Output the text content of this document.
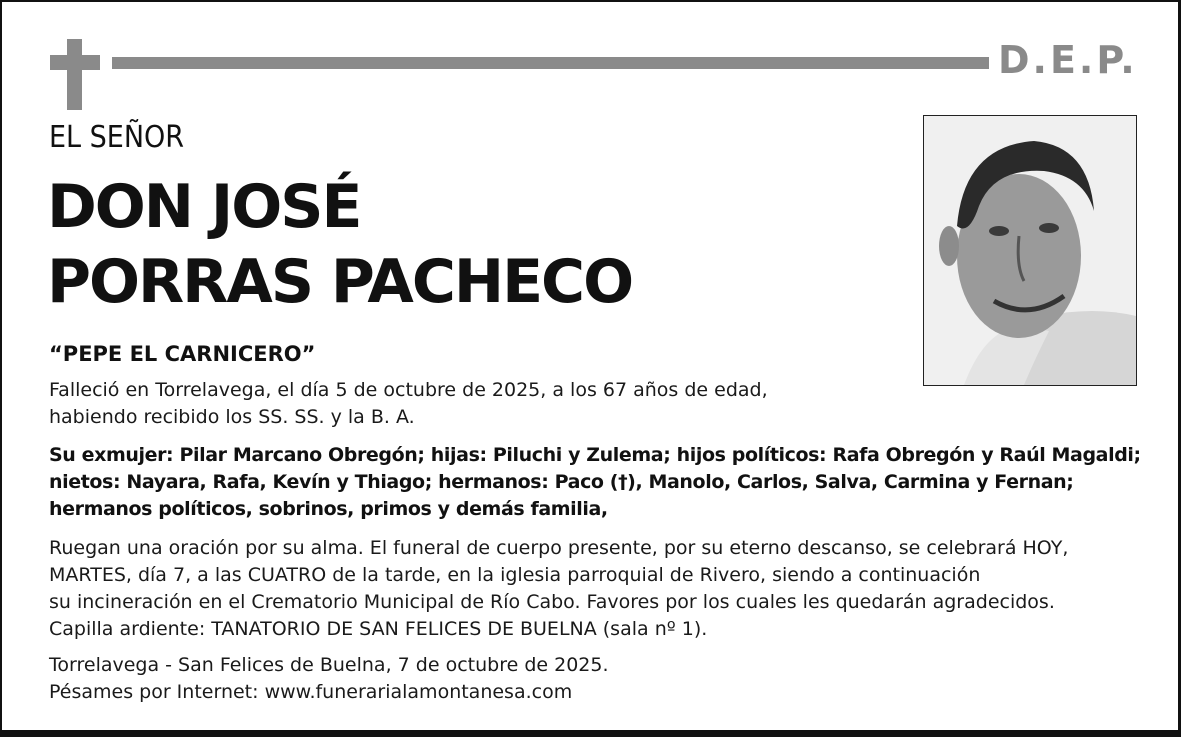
D.E.P.
EL SEÑOR
DON JOSÉ
PORRAS PACHECO
“PEPE EL CARNICERO”
Falleció en Torrelavega, el día 5 de octubre de 2025, a los 67 años de edad,
habiendo recibido los SS. SS. y la B. A.
Su exmujer: Pilar Marcano Obregón; hijas: Piluchi y Zulema; hijos políticos: Rafa Obregón y Raúl Magaldi;
nietos: Nayara, Rafa, Kevín y Thiago; hermanos: Paco (†), Manolo, Carlos, Salva, Carmina y Fernan;
hermanos políticos, sobrinos, primos y demás familia,
Ruegan una oración por su alma. El funeral de cuerpo presente, por su eterno descanso, se celebrará HOY,
MARTES, día 7, a las CUATRO de la tarde, en la iglesia parroquial de Rivero, siendo a continuación
su incineración en el Crematorio Municipal de Río Cabo. Favores por los cuales les quedarán agradecidos.
Capilla ardiente: TANATORIO DE SAN FELICES DE BUELNA (sala nº 1).
Torrelavega - San Felices de Buelna, 7 de octubre de 2025.
Pésames por Internet: www.funerarialamontanesa.com
